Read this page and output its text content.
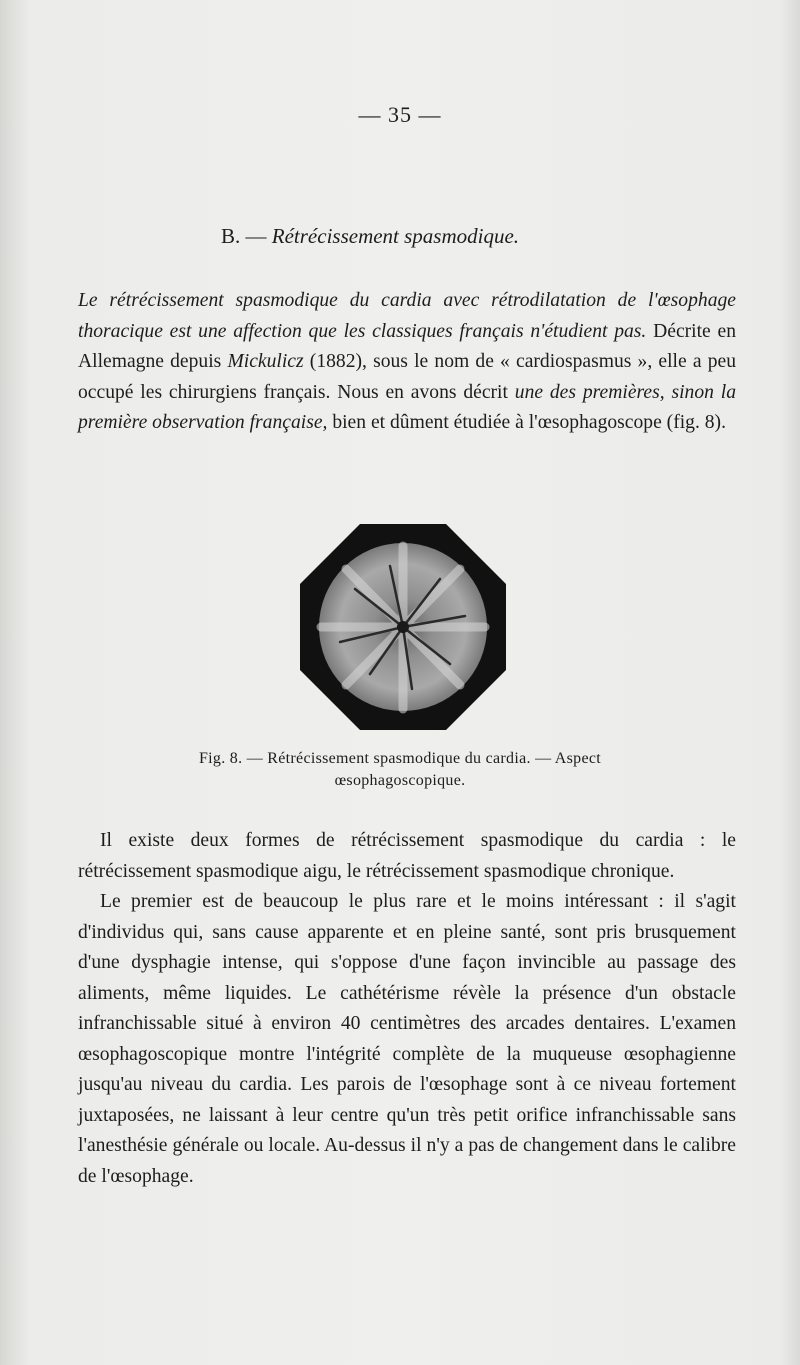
— 35 —
B. — Rétrécissement spasmodique.
Le rétrécissement spasmodique du cardia avec rétrodilatation de l'œsophage thoracique est une affection que les classiques français n'étudient pas. Décrite en Allemagne depuis Mickulicz (1882), sous le nom de « cardiospasmus », elle a peu occupé les chirurgiens français. Nous en avons décrit une des premières, sinon la première observation française, bien et dûment étudiée à l'œsophagoscope (fig. 8).
Fig. 8. — Rétrécissement spasmodique du cardia. — Aspect
œsophagoscopique.

Il existe deux formes de rétrécissement spasmodique du cardia : le rétrécissement spasmodique aigu, le rétrécissement spasmodique chronique.

Le premier est de beaucoup le plus rare et le moins intéressant : il s'agit d'individus qui, sans cause apparente et en pleine santé, sont pris brusquement d'une dysphagie intense, qui s'oppose d'une façon invincible au passage des aliments, même liquides. Le cathétérisme révèle la présence d'un obstacle infranchissable situé à environ 40 centimètres des arcades dentaires. L'examen œsophagoscopique montre l'intégrité complète de la muqueuse œsophagienne jusqu'au niveau du cardia. Les parois de l'œsophage sont à ce niveau fortement juxtaposées, ne laissant à leur centre qu'un très petit orifice infranchissable sans l'anesthésie générale ou locale. Au-dessus il n'y a pas de changement dans le calibre de l'œsophage.
